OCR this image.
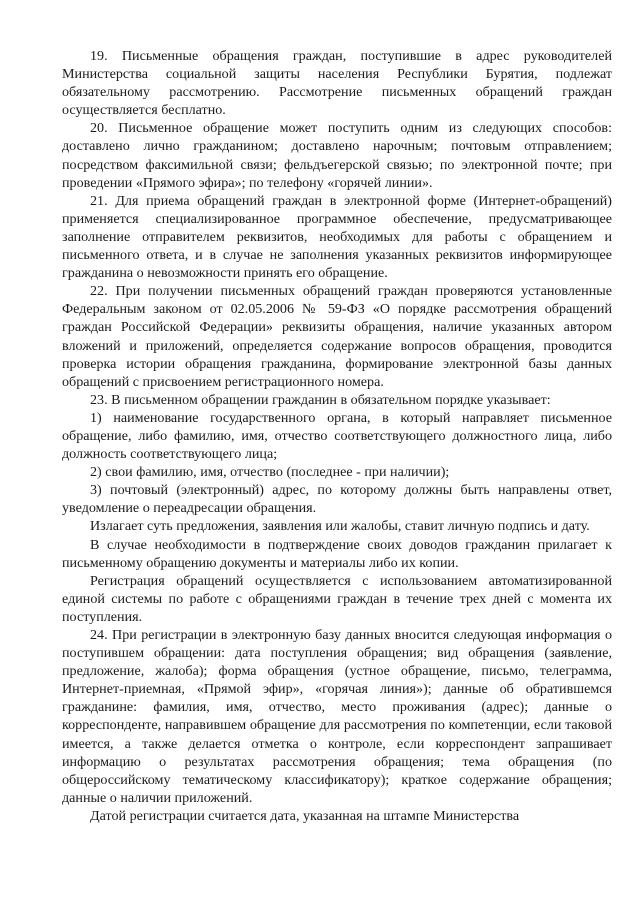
19. Письменные обращения граждан, поступившие в адрес руководителей Министерства социальной защиты населения Республики Бурятия, подлежат обязательному рассмотрению. Рассмотрение письменных обращений граждан осуществляется бесплатно.

20. Письменное обращение может поступить одним из следующих способов: доставлено лично гражданином; доставлено нарочным; почтовым отправлением; посредством факсимильной связи; фельдъегерской связью; по электронной почте; при проведении «Прямого эфира»; по телефону «горячей линии».

21. Для приема обращений граждан в электронной форме (Интернет-обращений) применяется специализированное программное обеспечение, предусматривающее заполнение отправителем реквизитов, необходимых для работы с обращением и письменного ответа, и в случае не заполнения указанных реквизитов информирующее гражданина о невозможности принять его обращение.

22. При получении письменных обращений граждан проверяются установленные Федеральным законом от 02.05.2006 № 59-ФЗ «О порядке рассмотрения обращений граждан Российской Федерации» реквизиты обращения, наличие указанных автором вложений и приложений, определяется содержание вопросов обращения, проводится проверка истории обращения гражданина, формирование электронной базы данных обращений с присвоением регистрационного номера.

23. В письменном обращении гражданин в обязательном порядке указывает:

1) наименование государственного органа, в который направляет письменное обращение, либо фамилию, имя, отчество соответствующего должностного лица, либо должность соответствующего лица;

2) свои фамилию, имя, отчество (последнее - при наличии);

3) почтовый (электронный) адрес, по которому должны быть направлены ответ, уведомление о переадресации обращения.

Излагает суть предложения, заявления или жалобы, ставит личную подпись и дату.

В случае необходимости в подтверждение своих доводов гражданин прилагает к письменному обращению документы и материалы либо их копии.

Регистрация обращений осуществляется с использованием автоматизированной единой системы по работе с обращениями граждан в течение трех дней с момента их поступления.

24. При регистрации в электронную базу данных вносится следующая информация о поступившем обращении: дата поступления обращения; вид обращения (заявление, предложение, жалоба); форма обращения (устное обращение, письмо, телеграмма, Интернет-приемная, «Прямой эфир», «горячая линия»); данные об обратившемся гражданине: фамилия, имя, отчество, место проживания (адрес); данные о корреспонденте, направившем обращение для рассмотрения по компетенции, если таковой имеется, а также делается отметка о контроле, если корреспондент запрашивает информацию о результатах рассмотрения обращения; тема обращения (по общероссийскому тематическому классификатору); краткое содержание обращения; данные о наличии приложений.

Датой регистрации считается дата, указанная на штампе Министерства
